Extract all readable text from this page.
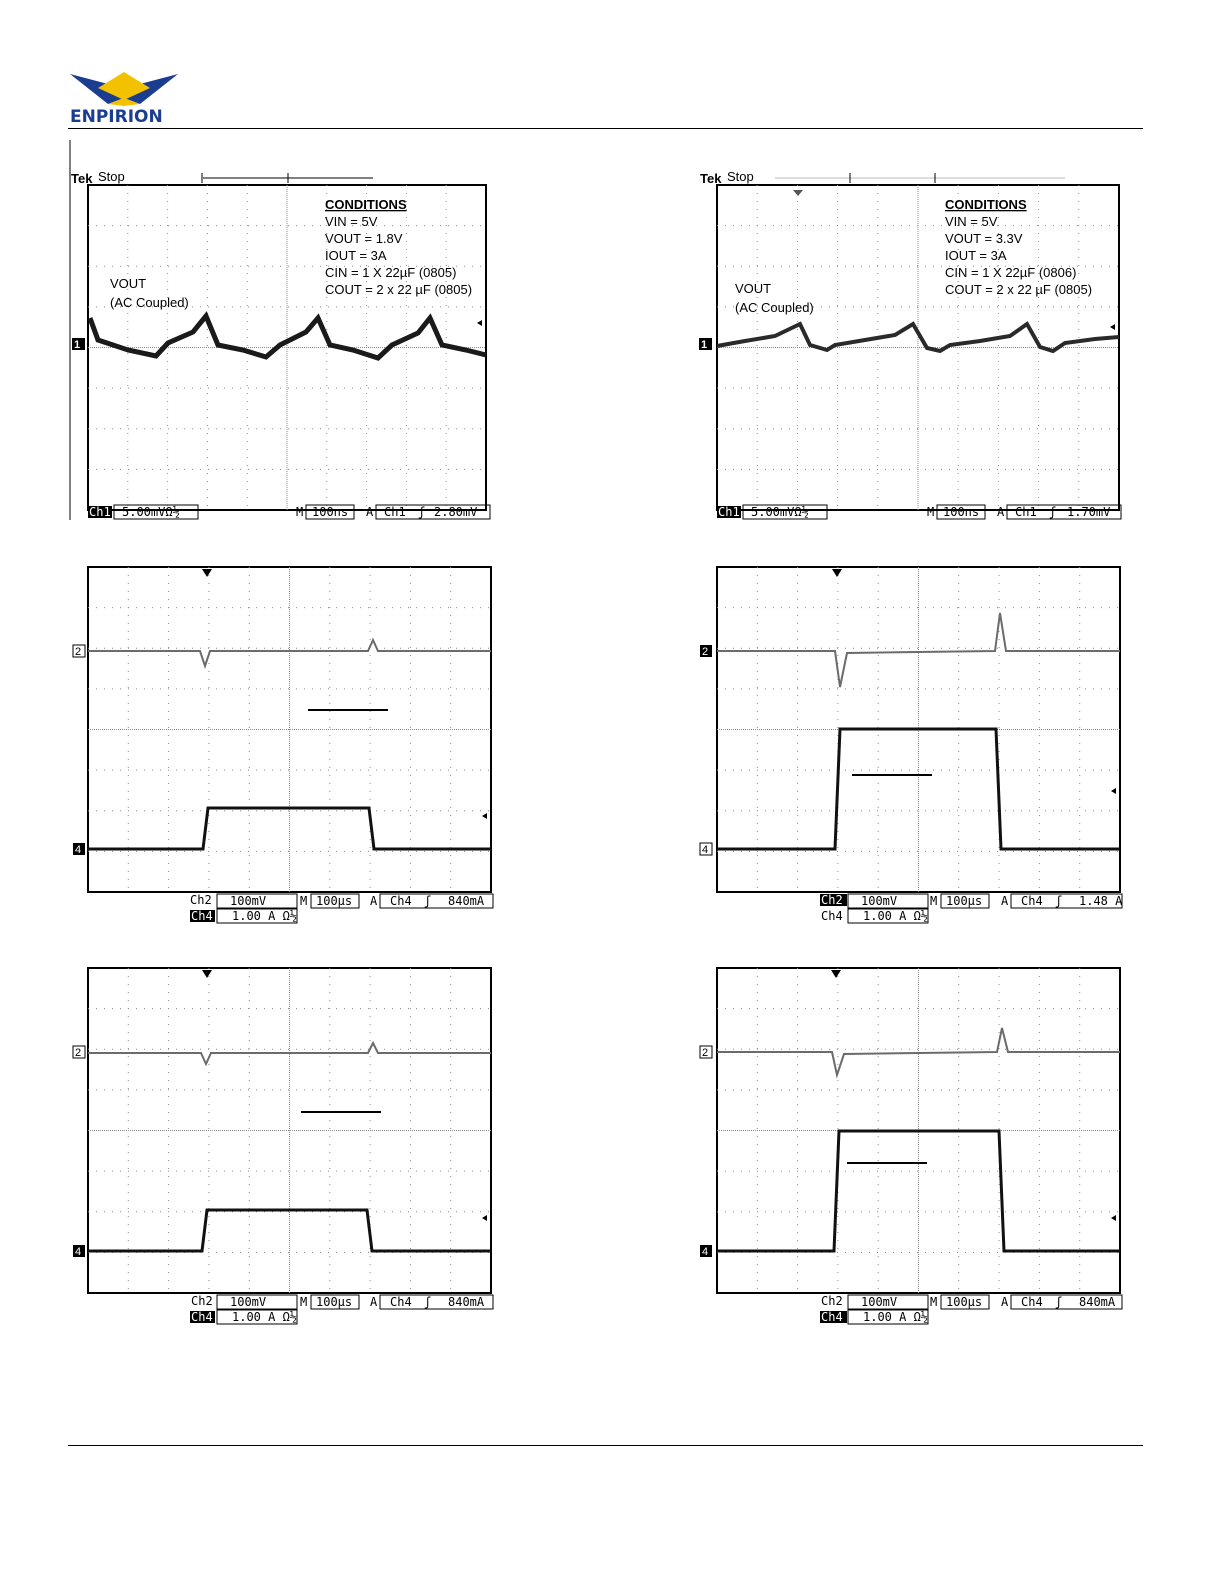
ENPIRION
Tek Stop
CONDITIONS
VIN = 5V
VOUT = 1.8V
IOUT = 3A
CIN = 1 X 22µF (0805)
COUT = 2 x 22 µF (0805)
VOUT
(AC Coupled)
1
Ch1 5.00mVΩ½	M 100ns A Ch1 ʃ 2.80mV
Tek Stop
CONDITIONS
VIN = 5V
VOUT = 3.3V
IOUT = 3A
CIN = 1 X 22µF (0806)
COUT = 2 x 22 µF (0805)
VOUT
(AC Coupled)
1
Ch1 5.00mVΩ½	M 100ns A Ch1 ʃ 1.70mV
2
4
Ch2 100mV	M 100µs A Ch4 ʃ 840mA
Ch4 1.00 A Ω½
2
4
Ch2 100mV	M 100µs A Ch4 ʃ 1.48 A
Ch4 1.00 A Ω½
2
4
Ch2 100mV	M 100µs A Ch4 ʃ 840mA
Ch4 1.00 A Ω½
2
4
Ch2 100mV	M 100µs A Ch4 ʃ 840mA
Ch4 1.00 A Ω½
